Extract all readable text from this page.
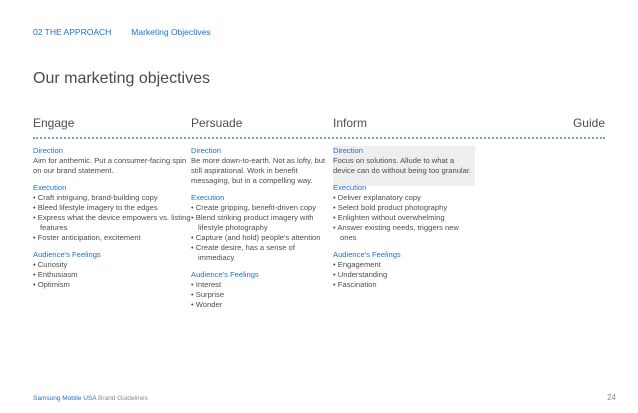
02 THE APPROACH Marketing Objectives
Our marketing objectives
Engage	Persuade	Inform	Guide
Direction
Aim for anthemic. Put a consumer-facing spin on our brand statement.
Execution
• Craft intriguing, brand-building copy
• Bleed lifestyle imagery to the edges
• Express what the device empowers vs. listing features
• Foster anticipation, excitement
Audience's Feelings
• Curiosity
• Enthusiasm
• Optimism
Direction
Be more down-to-earth. Not as lofty, but still aspirational. Work in benefit messaging, but in a compelling way.
Execution
• Create gripping, benefit-driven copy
• Blend striking product imagery with lifestyle photography
• Capture (and hold) people's attention
• Create desire, has a sense of immediacy
Audience's Feelings
• Interest
• Surprise
• Wonder
Direction
Focus on solutions. Allude to what a device can do without being too granular.
Execution
• Deliver explanatory copy
• Select bold product photography
• Enlighten without overwhelming
• Answer existing needs, triggers new ones
Audience's Feelings
• Engagement
• Understanding
• Fascination
Samsung Mobile USA Brand Guidelines	24
